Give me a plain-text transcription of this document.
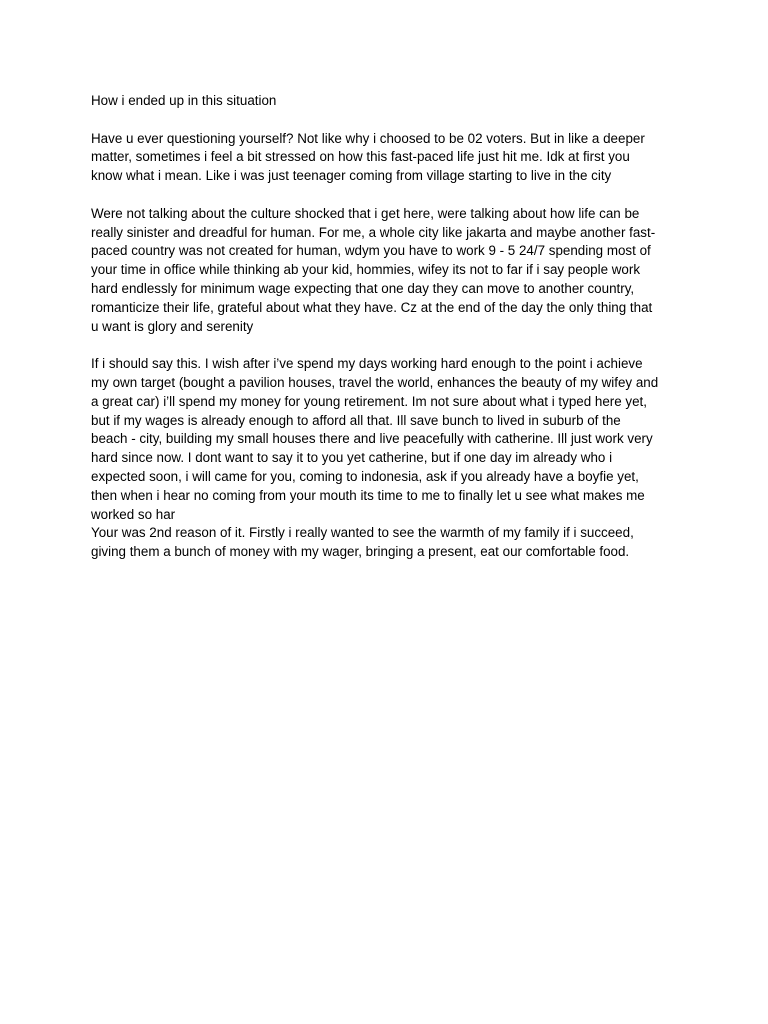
How i ended up in this situation
Have u ever questioning yourself? Not like why i choosed to be 02 voters. But in like a deeper
matter, sometimes i feel a bit stressed on how this fast-paced life just hit me. Idk at first you
know what i mean. Like i was just teenager coming from village starting to live in the city
Were not talking about the culture shocked that i get here, were talking about how life can be
really sinister and dreadful for human. For me, a whole city like jakarta and maybe another fast-
paced country was not created for human, wdym you have to work 9 - 5 24/7 spending most of
your time in office while thinking ab your kid, hommies, wifey its not to far if i say people work
hard endlessly for minimum wage expecting that one day they can move to another country,
romanticize their life, grateful about what they have. Cz at the end of the day the only thing that
u want is glory and serenity
If i should say this. I wish after i’ve spend my days working hard enough to the point i achieve
my own target (bought a pavilion houses, travel the world, enhances the beauty of my wifey and
a great car) i’ll spend my money for young retirement. Im not sure about what i typed here yet,
but if my wages is already enough to afford all that. Ill save bunch to lived in suburb of the
beach - city, building my small houses there and live peacefully with catherine. Ill just work very
hard since now. I dont want to say it to you yet catherine, but if one day im already who i
expected soon, i will came for you, coming to indonesia, ask if you already have a boyfie yet,
then when i hear no coming from your mouth its time to me to finally let u see what makes me
worked so har
Your was 2nd reason of it. Firstly i really wanted to see the warmth of my family if i succeed,
giving them a bunch of money with my wager, bringing a present, eat our comfortable food.
